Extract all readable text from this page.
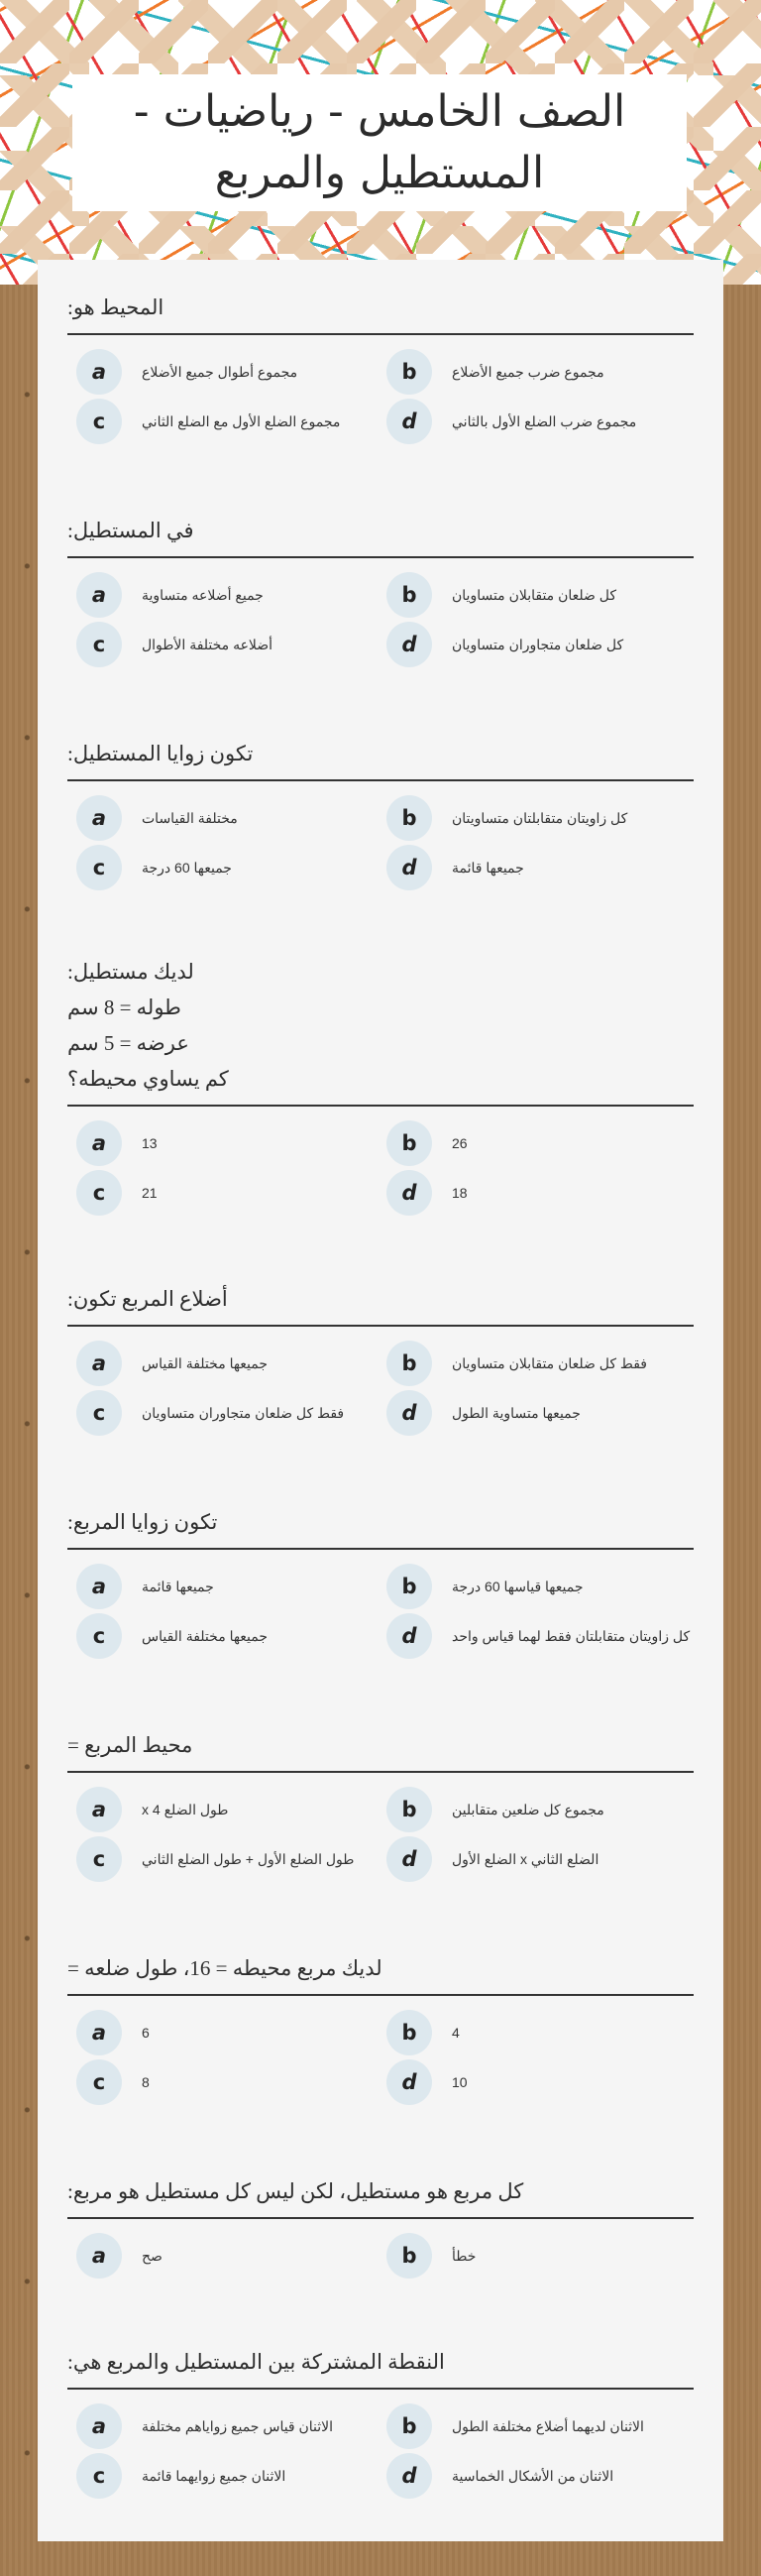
الصف الخامس - رياضيات -
المستطيل والمربع
المحيط هو:
a	مجموع أطوال جميع الأضلاع	b	مجموع ضرب جميع الأضلاع
c	مجموع الضلع الأول مع الضلع الثاني	d	مجموع ضرب الضلع الأول بالثاني
في المستطيل:
a	جميع أضلاعه متساوية	b	كل ضلعان متقابلان متساويان
c	أضلاعه مختلفة الأطوال	d	كل ضلعان متجاوران متساويان
تكون زوايا المستطيل:
a	مختلفة القياسات	b	كل زاويتان متقابلتان متساويتان
c	جميعها 60 درجة	d	جميعها قائمة
لديك مستطيل:
طوله = 8 سم
عرضه = 5 سم
كم يساوي محيطه؟
a	13	b	26
c	21	d	18
أضلاع المربع تكون:
a	جميعها مختلفة القياس	b	فقط كل ضلعان متقابلان متساويان
c	فقط كل ضلعان متجاوران متساويان	d	جميعها متساوية الطول
تكون زوايا المربع:
a	جميعها قائمة	b	جميعها قياسها 60 درجة
c	جميعها مختلفة القياس	d	كل زاويتان متقابلتان فقط لهما قياس واحد
محيط المربع =
a	طول الضلع x 4	b	مجموع كل ضلعين متقابلين
c	طول الضلع الأول + طول الضلع الثاني	d	الضلع الثاني x الضلع الأول
لديك مربع محيطه = 16، طول ضلعه =
a	6	b	4
c	8	d	10
كل مربع هو مستطيل، لكن ليس كل مستطيل هو مربع:
a	صح	b	خطأ
النقطة المشتركة بين المستطيل والمربع هي:
a	الاثنان قياس جميع زواياهم مختلفة	b	الاثنان لديهما أضلاع مختلفة الطول
c	الاثنان جميع زوايهما قائمة	d	الاثنان من الأشكال الخماسية
